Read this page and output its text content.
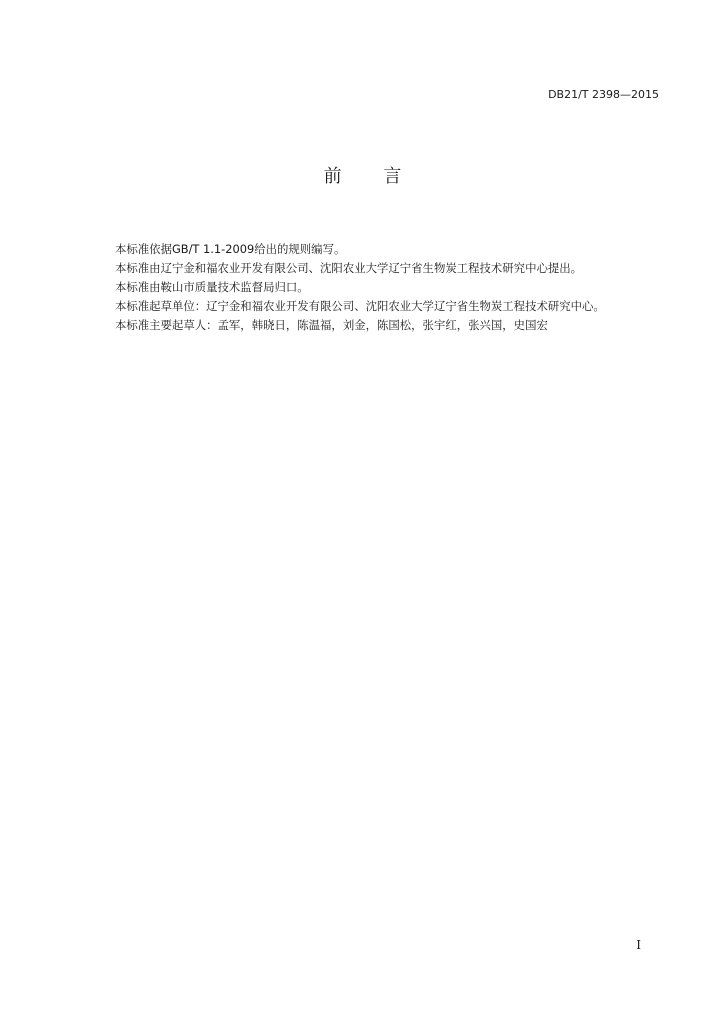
DB21/T 2398—2015
前 言
本标准依据GB/T 1.1-2009给出的规则编写。
本标准由辽宁金和福农业开发有限公司、沈阳农业大学辽宁省生物炭工程技术研究中心提出。
本标准由鞍山市质量技术监督局归口。
本标准起草单位：辽宁金和福农业开发有限公司、沈阳农业大学辽宁省生物炭工程技术研究中心。
本标准主要起草人：孟军，韩晓日，陈温福，刘金，陈国松，张宇红，张兴国，史国宏
I
